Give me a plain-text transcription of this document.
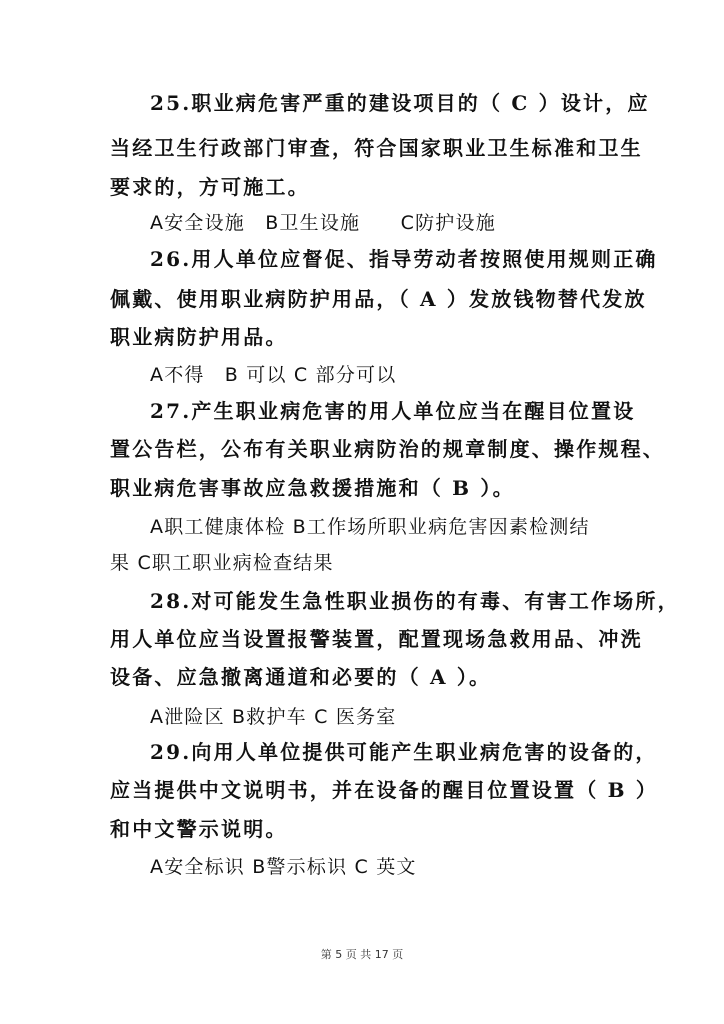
25.职业病危害严重的建设项目的（ C ）设计，应
当经卫生行政部门审查，符合国家职业卫生标准和卫生
要求的，方可施工。
A安全设施　B卫生设施　　C防护设施
26.用人单位应督促、指导劳动者按照使用规则正确
佩戴、使用职业病防护用品，（ A ）发放钱物替代发放
职业病防护用品。
A不得　B 可以 C 部分可以
27.产生职业病危害的用人单位应当在醒目位置设
置公告栏，公布有关职业病防治的规章制度、操作规程、
职业病危害事故应急救援措施和（ B ）。
A职工健康体检 B工作场所职业病危害因素检测结
果 C职工职业病检查结果
28.对可能发生急性职业损伤的有毒、有害工作场所，
用人单位应当设置报警装置，配置现场急救用品、冲洗
设备、应急撤离通道和必要的（ A ）。
A泄险区 B救护车 C 医务室
29.向用人单位提供可能产生职业病危害的设备的，
应当提供中文说明书，并在设备的醒目位置设置（ B ）
和中文警示说明。
A安全标识 B警示标识 C 英文
第 5 页 共 17 页
